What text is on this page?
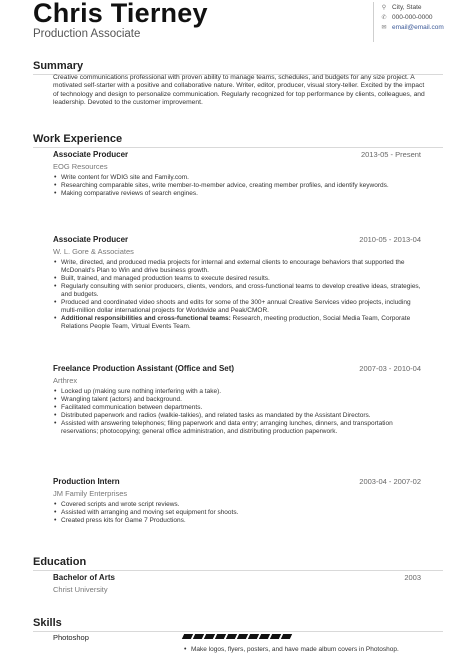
Chris Tierney
Production Associate
⚲ City, State
✆ 000-000-0000
✉ email@email.com
Summary
Creative communications professional with proven ability to manage teams, schedules, and budgets for any size project. A motivated self-starter with a positive and collaborative nature. Writer, editor, producer, visual story-teller. Excited by the impact of technology and design to personalize communication. Regularly recognized for top performance by clients, colleagues, and leadership. Devoted to the customer improvement.
Work Experience
Associate Producer	2013-05 - Present
EOG Resources
• Write content for WDIG site and Family.com.
• Researching comparable sites, write member-to-member advice, creating member profiles, and identify keywords.
• Making comparative reviews of search engines.
Associate Producer	2010-05 - 2013-04
W. L. Gore & Associates
• Write, directed, and produced media projects for internal and external clients to encourage behaviors that supported the McDonald's Plan to Win and drive business growth.
• Built, trained, and managed production teams to execute desired results.
• Regularly consulting with senior producers, clients, vendors, and cross-functional teams to develop creative ideas, strategies, and budgets.
• Produced and coordinated video shoots and edits for some of the 300+ annual Creative Services video projects, including multi-million dollar international projects for Worldwide and Peak/CMOR.
• Additional responsibilities and cross-functional teams: Research, meeting production, Social Media Team, Corporate Relations People Team, Virtual Events Team.
Freelance Production Assistant (Office and Set)	2007-03 - 2010-04
Arthrex
• Locked up (making sure nothing interfering with a take).
• Wrangling talent (actors) and background.
• Facilitated communication between departments.
• Distributed paperwork and radios (walkie-talkies), and related tasks as mandated by the Assistant Directors.
• Assisted with answering telephones; filing paperwork and data entry; arranging lunches, dinners, and transportation reservations; photocopying; general office administration, and distributing production paperwork.
Production Intern	2003-04 - 2007-02
JM Family Enterprises
• Covered scripts and wrote script reviews.
• Assisted with arranging and moving set equipment for shoots.
• Created press kits for Game 7 Productions.
Education
Bachelor of Arts	2003
Christ University
Skills
Photoshop
• Make logos, flyers, posters, and have made album covers in Photoshop.
